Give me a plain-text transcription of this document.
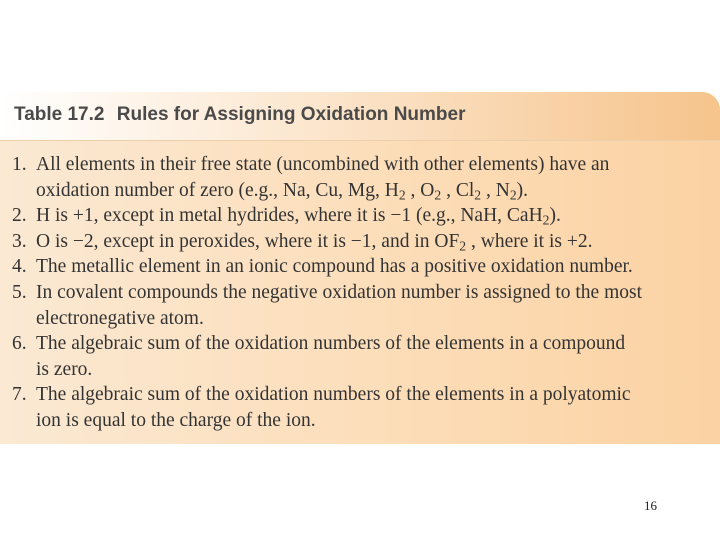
Table 17.2 Rules for Assigning Oxidation Number
1. All elements in their free state (uncombined with other elements) have an
oxidation number of zero (e.g., Na, Cu, Mg, $H_2$ , $O_2$ , $Cl_2$ , $N_2$).
2. H is +1, except in metal hydrides, where it is −1 (e.g., NaH, CaH$_2$).
3. O is −2, except in peroxides, where it is −1, and in $OF_2$ , where it is +2.
4. The metallic element in an ionic compound has a positive oxidation number.
5. In covalent compounds the negative oxidation number is assigned to the most
electronegative atom.
6. The algebraic sum of the oxidation numbers of the elements in a compound
is zero.
7. The algebraic sum of the oxidation numbers of the elements in a polyatomic
ion is equal to the charge of the ion.
16
